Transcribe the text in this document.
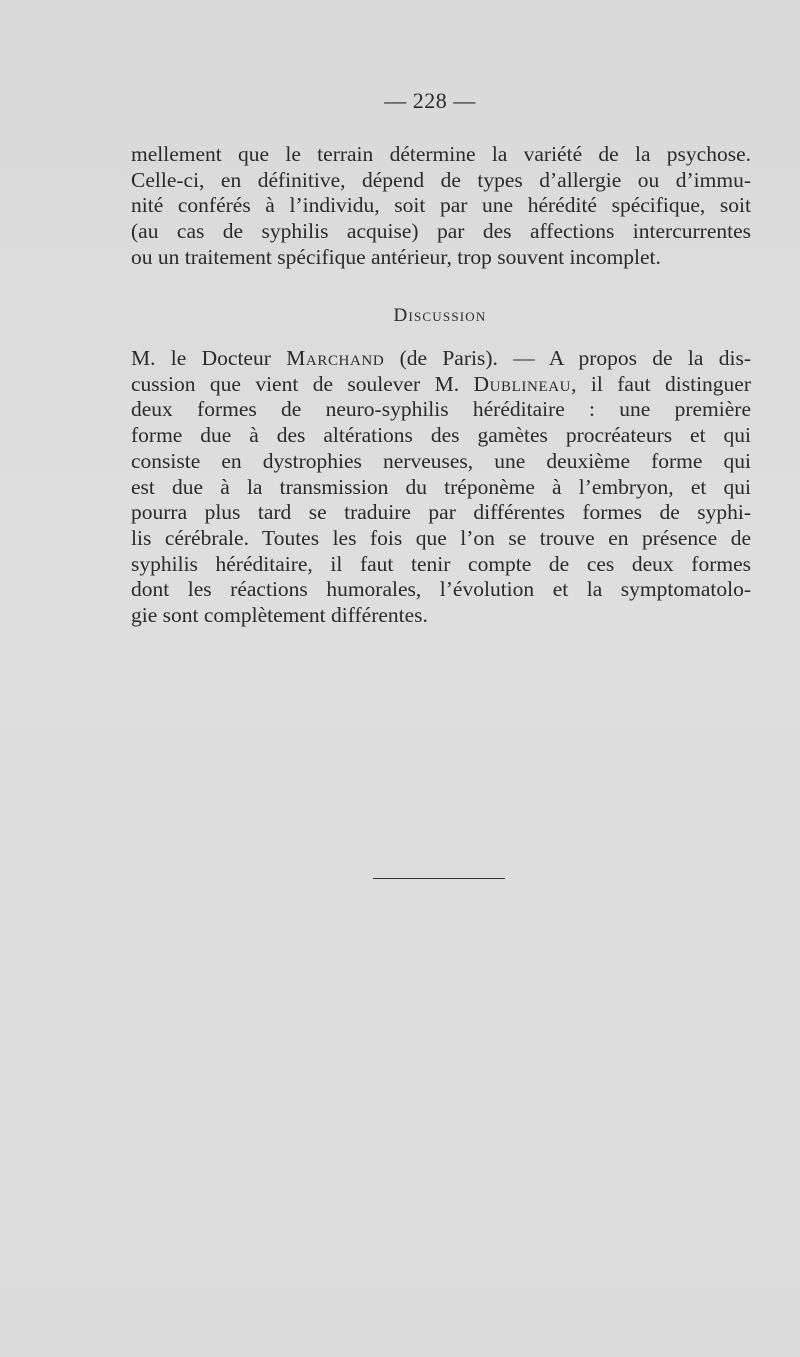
— 228 —
mellement que le terrain détermine la variété de la psychose.
Celle-ci, en définitive, dépend de types d’allergie ou d’immu-
nité conférés à l’individu, soit par une hérédité spécifique, soit
(au cas de syphilis acquise) par des affections intercurrentes
ou un traitement spécifique antérieur, trop souvent incomplet.
Discussion
M. le Docteur Marchand (de Paris). — A propos de la dis-
cussion que vient de soulever M. Dublineau, il faut distinguer
deux formes de neuro-syphilis héréditaire : une première
forme due à des altérations des gamètes procréateurs et qui
consiste en dystrophies nerveuses, une deuxième forme qui
est due à la transmission du tréponème à l’embryon, et qui
pourra plus tard se traduire par différentes formes de syphi-
lis cérébrale. Toutes les fois que l’on se trouve en présence de
syphilis héréditaire, il faut tenir compte de ces deux formes
dont les réactions humorales, l’évolution et la symptomatolo-
gie sont complètement différentes.
